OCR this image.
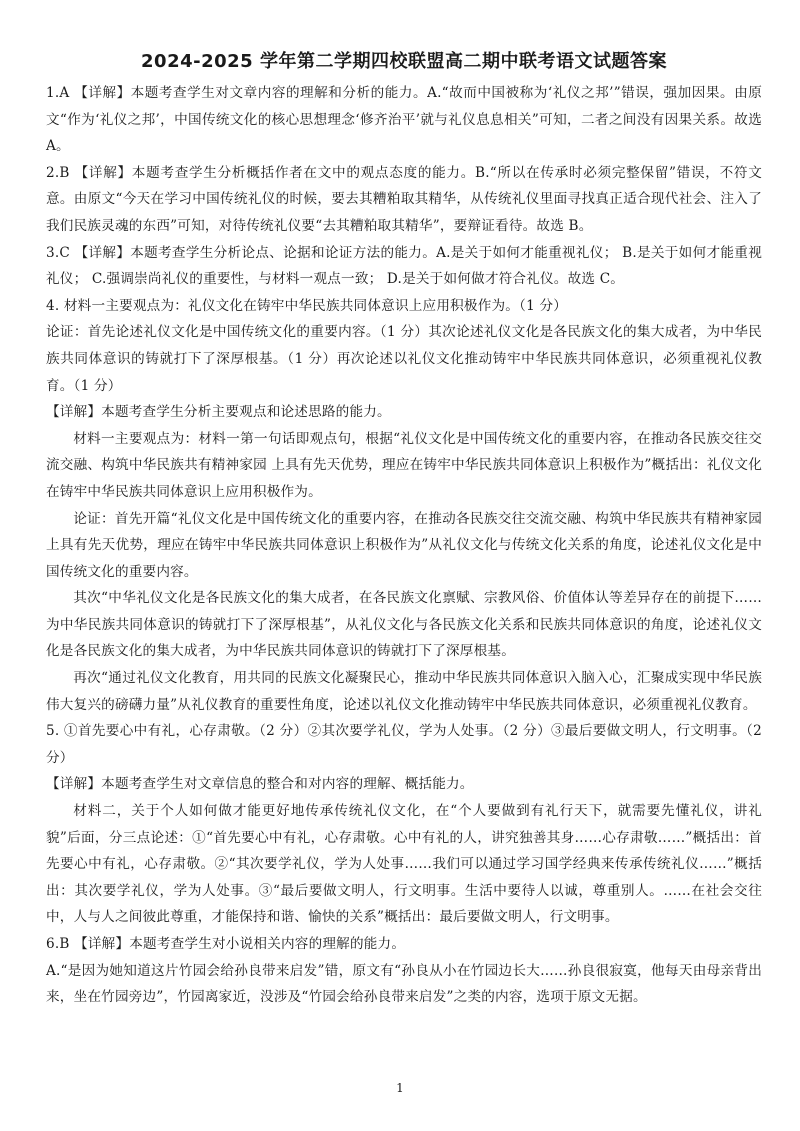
2024-2025 学年第二学期四校联盟高二期中联考语文试题答案

1.A 【详解】本题考查学生对文章内容的理解和分析的能力。A.“故而中国被称为‘礼仪之邦’”错误，强加因果。由原文“作为‘礼仪之邦’，中国传统文化的核心思想理念‘修齐治平’就与礼仪息息相关”可知，二者之间没有因果关系。故选 A。

2.B 【详解】本题考查学生分析概括作者在文中的观点态度的能力。B.“所以在传承时必须完整保留”错误，不符文意。由原文“今天在学习中国传统礼仪的时候，要去其糟粕取其精华，从传统礼仪里面寻找真正适合现代社会、注入了我们民族灵魂的东西”可知，对待传统礼仪要“去其糟粕取其精华”，要辩证看待。故选 B。

3.C 【详解】本题考查学生分析论点、论据和论证方法的能力。A.是关于如何才能重视礼仪； B.是关于如何才能重视礼仪； C.强调崇尚礼仪的重要性，与材料一观点一致； D.是关于如何做才符合礼仪。故选 C。

4. 材料一主要观点为：礼仪文化在铸牢中华民族共同体意识上应用积极作为。（1 分）

论证：首先论述礼仪文化是中国传统文化的重要内容。（1 分）其次论述礼仪文化是各民族文化的集大成者，为中华民族共同体意识的铸就打下了深厚根基。（1 分）再次论述以礼仪文化推动铸牢中华民族共同体意识，必须重视礼仪教育。（1 分）

【详解】本题考查学生分析主要观点和论述思路的能力。

材料一主要观点为：材料一第一句话即观点句，根据“礼仪文化是中国传统文化的重要内容，在推动各民族交往交流交融、构筑中华民族共有精神家园 上具有先天优势，理应在铸牢中华民族共同体意识上积极作为”概括出：礼仪文化在铸牢中华民族共同体意识上应用积极作为。

论证：首先开篇“礼仪文化是中国传统文化的重要内容，在推动各民族交往交流交融、构筑中华民族共有精神家园上具有先天优势，理应在铸牢中华民族共同体意识上积极作为”从礼仪文化与传统文化关系的角度，论述礼仪文化是中国传统文化的重要内容。

其次“中华礼仪文化是各民族文化的集大成者，在各民族文化禀赋、宗教风俗、价值体认等差异存在的前提下……为中华民族共同体意识的铸就打下了深厚根基”，从礼仪文化与各民族文化关系和民族共同体意识的角度，论述礼仪文化是各民族文化的集大成者，为中华民族共同体意识的铸就打下了深厚根基。

再次“通过礼仪文化教育，用共同的民族文化凝聚民心，推动中华民族共同体意识入脑入心，汇聚成实现中华民族伟大复兴的磅礴力量”从礼仪教育的重要性角度，论述以礼仪文化推动铸牢中华民族共同体意识，必须重视礼仪教育。

5. ①首先要心中有礼，心存肃敬。（2 分）②其次要学礼仪，学为人处事。（2 分）③最后要做文明人，行文明事。（2 分）

【详解】本题考查学生对文章信息的整合和对内容的理解、概括能力。

材料二，关于个人如何做才能更好地传承传统礼仪文化，在“个人要做到有礼行天下，就需要先懂礼仪，讲礼貌”后面，分三点论述：①“首先要心中有礼，心存肃敬。心中有礼的人，讲究独善其身……心存肃敬……”概括出：首先要心中有礼，心存肃敬。②“其次要学礼仪，学为人处事……我们可以通过学习国学经典来传承传统礼仪……”概括出：其次要学礼仪，学为人处事。③“最后要做文明人，行文明事。生活中要待人以诚，尊重别人。……在社会交往中，人与人之间彼此尊重，才能保持和谐、愉快的关系”概括出：最后要做文明人，行文明事。

6.B 【详解】本题考查学生对小说相关内容的理解的能力。

A.“是因为她知道这片竹园会给孙良带来启发”错，原文有“孙良从小在竹园边长大……孙良很寂寞，他每天由母亲背出来，坐在竹园旁边”，竹园离家近，没涉及“竹园会给孙良带来启发”之类的内容，选项于原文无据。

1
